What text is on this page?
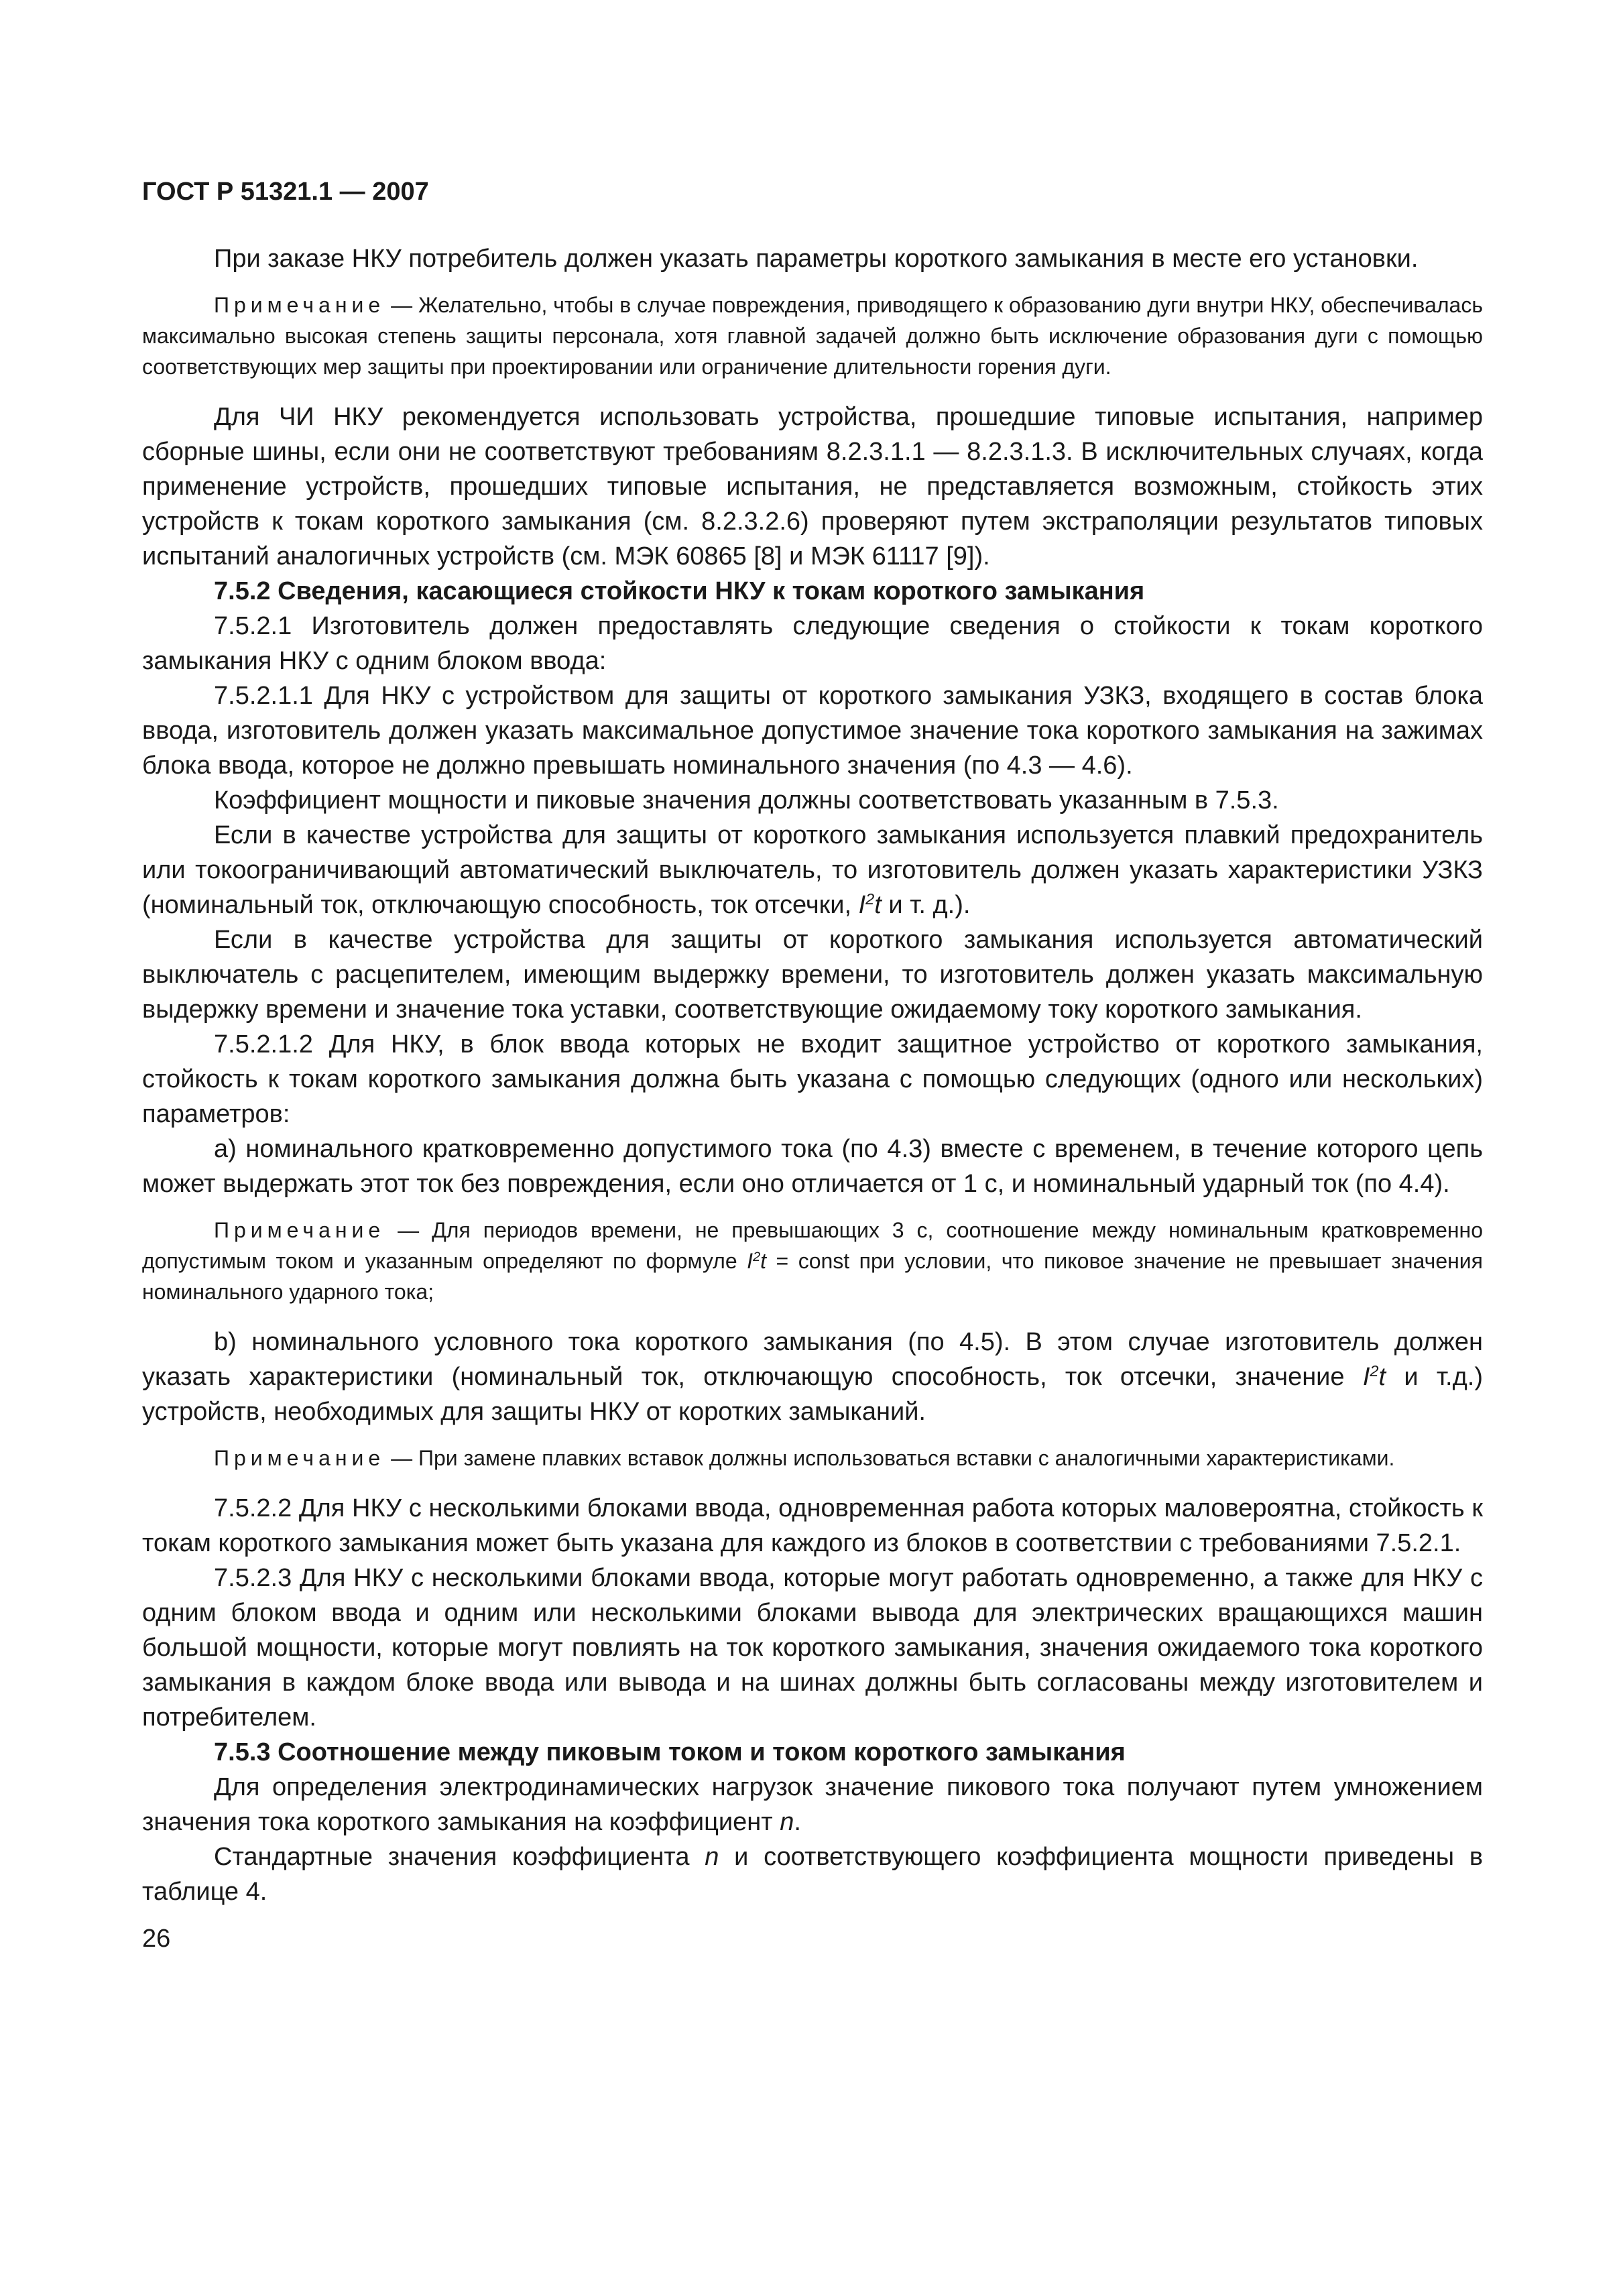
ГОСТ Р 51321.1 — 2007

При заказе НКУ потребитель должен указать параметры короткого замыкания в месте его установки.

Примечание — Желательно, чтобы в случае повреждения, приводящего к образованию дуги внутри НКУ, обеспечивалась максимально высокая степень защиты персонала, хотя главной задачей должно быть исключение образования дуги с помощью соответствующих мер защиты при проектировании или ограничение длительности горения дуги.

Для ЧИ НКУ рекомендуется использовать устройства, прошедшие типовые испытания, например сборные шины, если они не соответствуют требованиям 8.2.3.1.1 — 8.2.3.1.3. В исключительных случаях, когда применение устройств, прошедших типовые испытания, не представляется возможным, стойкость этих устройств к токам короткого замыкания (см. 8.2.3.2.6) проверяют путем экстраполяции результатов типовых испытаний аналогичных устройств (см. МЭК 60865 [8] и МЭК 61117 [9]).

7.5.2 Сведения, касающиеся стойкости НКУ к токам короткого замыкания

7.5.2.1 Изготовитель должен предоставлять следующие сведения о стойкости к токам короткого замыкания НКУ с одним блоком ввода:

7.5.2.1.1 Для НКУ с устройством для защиты от короткого замыкания УЗКЗ, входящего в состав блока ввода, изготовитель должен указать максимальное допустимое значение тока короткого замыкания на зажимах блока ввода, которое не должно превышать номинального значения (по 4.3 — 4.6).

Коэффициент мощности и пиковые значения должны соответствовать указанным в 7.5.3.

Если в качестве устройства для защиты от короткого замыкания используется плавкий предохранитель или токоограничивающий автоматический выключатель, то изготовитель должен указать характеристики УЗКЗ (номинальный ток, отключающую способность, ток отсечки, $I^2t$ и т. д.).

Если в качестве устройства для защиты от короткого замыкания используется автоматический выключатель с расцепителем, имеющим выдержку времени, то изготовитель должен указать максимальную выдержку времени и значение тока уставки, соответствующие ожидаемому току короткого замыкания.

7.5.2.1.2 Для НКУ, в блок ввода которых не входит защитное устройство от короткого замыкания, стойкость к токам короткого замыкания должна быть указана с помощью следующих (одного или нескольких) параметров:

а) номинального кратковременно допустимого тока (по 4.3) вместе с временем, в течение которого цепь может выдержать этот ток без повреждения, если оно отличается от 1 с, и номинальный ударный ток (по 4.4).

Примечание — Для периодов времени, не превышающих 3 с, соотношение между номинальным кратковременно допустимым током и указанным определяют по формуле $I^2t$ = const при условии, что пиковое значение не превышает значения номинального ударного тока;

b) номинального условного тока короткого замыкания (по 4.5). В этом случае изготовитель должен указать характеристики (номинальный ток, отключающую способность, ток отсечки, значение $I^2t$ и т.д.) устройств, необходимых для защиты НКУ от коротких замыканий.

Примечание — При замене плавких вставок должны использоваться вставки с аналогичными характеристиками.

7.5.2.2 Для НКУ с несколькими блоками ввода, одновременная работа которых маловероятна, стойкость к токам короткого замыкания может быть указана для каждого из блоков в соответствии с требованиями 7.5.2.1.

7.5.2.3 Для НКУ с несколькими блоками ввода, которые могут работать одновременно, а также для НКУ с одним блоком ввода и одним или несколькими блоками вывода для электрических вращающихся машин большой мощности, которые могут повлиять на ток короткого замыкания, значения ожидаемого тока короткого замыкания в каждом блоке ввода или вывода и на шинах должны быть согласованы между изготовителем и потребителем.

7.5.3 Соотношение между пиковым током и током короткого замыкания

Для определения электродинамических нагрузок значение пикового тока получают путем умножением значения тока короткого замыкания на коэффициент n.

Стандартные значения коэффициента n и соответствующего коэффициента мощности приведены в таблице 4.

26
